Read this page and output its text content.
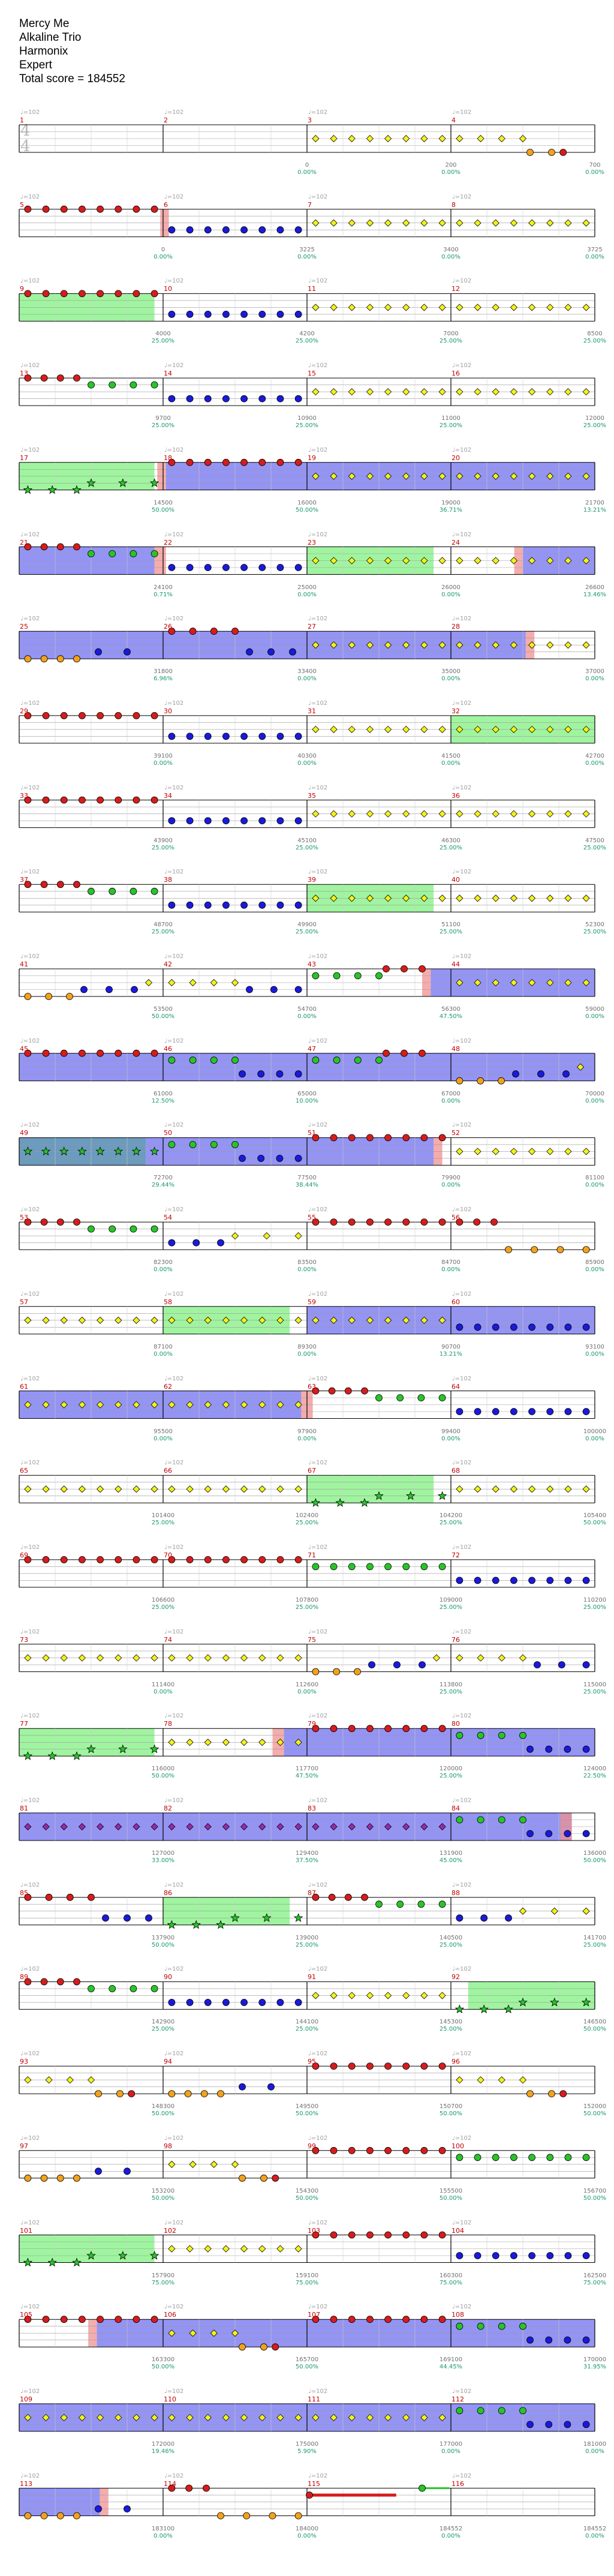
Mercy Me
Alkaline Trio
Harmonix
Expert
Total score = 184552
4
4
1
♩=102
2
♩=102
0
0.00%
3
♩=102
200
0.00%
4
♩=102
700
0.00%
5
♩=102
0
0.00%
6
♩=102
3225
0.00%
7
♩=102
3400
0.00%
8
♩=102
3725
0.00%
9
♩=102
4000
25.00%
10
♩=102
4200
25.00%
11
♩=102
7000
25.00%
12
♩=102
8500
25.00%
13
♩=102
9700
25.00%
14
♩=102
10900
25.00%
15
♩=102
11000
25.00%
16
♩=102
12000
25.00%
17
♩=102
14500
50.00%
18
♩=102
16000
50.00%
19
♩=102
19000
36.71%
20
♩=102
21700
13.21%
21
♩=102
24100
0.71%
22
♩=102
25000
0.00%
23
♩=102
26000
0.00%
24
♩=102
26600
13.46%
25
♩=102
31800
6.96%
26
♩=102
33400
0.00%
27
♩=102
35000
0.00%
28
♩=102
37000
0.00%
29
♩=102
39100
0.00%
30
♩=102
40300
0.00%
31
♩=102
41500
0.00%
32
♩=102
42700
0.00%
33
♩=102
43900
25.00%
34
♩=102
45100
25.00%
35
♩=102
46300
25.00%
36
♩=102
47500
25.00%
37
♩=102
48700
25.00%
38
♩=102
49900
25.00%
39
♩=102
51100
25.00%
40
♩=102
52300
25.00%
41
♩=102
53500
50.00%
42
♩=102
54700
0.00%
43
♩=102
56300
47.50%
44
♩=102
59000
0.00%
45
♩=102
61000
12.50%
46
♩=102
65000
10.00%
47
♩=102
67000
0.00%
48
♩=102
70000
0.00%
49
♩=102
72700
29.44%
50
♩=102
77500
38.44%
51
♩=102
79900
0.00%
52
♩=102
81100
0.00%
53
♩=102
82300
0.00%
54
♩=102
83500
0.00%
55
♩=102
84700
0.00%
56
♩=102
85900
0.00%
57
♩=102
87100
0.00%
58
♩=102
89300
0.00%
59
♩=102
90700
13.21%
60
♩=102
93100
0.00%
61
♩=102
95500
0.00%
62
♩=102
97900
0.00%
63
♩=102
99400
0.00%
64
♩=102
100000
0.00%
65
♩=102
101400
25.00%
66
♩=102
102400
25.00%
67
♩=102
104200
25.00%
68
♩=102
105400
50.00%
69
♩=102
106600
25.00%
70
♩=102
107800
25.00%
71
♩=102
109000
25.00%
72
♩=102
110200
25.00%
73
♩=102
111400
0.00%
74
♩=102
112600
0.00%
75
♩=102
113800
25.00%
76
♩=102
115000
25.00%
77
♩=102
116000
50.00%
78
♩=102
117700
47.50%
79
♩=102
120000
25.00%
80
♩=102
124000
22.50%
81
♩=102
127000
33.00%
82
♩=102
129400
37.50%
83
♩=102
131900
45.00%
84
♩=102
136000
50.00%
85
♩=102
137900
50.00%
86
♩=102
139000
25.00%
87
♩=102
140500
25.00%
88
♩=102
141700
25.00%
89
♩=102
142900
25.00%
90
♩=102
144100
25.00%
91
♩=102
145300
25.00%
92
♩=102
146500
50.00%
93
♩=102
148300
50.00%
94
♩=102
149500
50.00%
95
♩=102
150700
50.00%
96
♩=102
152000
50.00%
97
♩=102
153200
50.00%
98
♩=102
154300
50.00%
99
♩=102
155500
50.00%
100
♩=102
156700
50.00%
101
♩=102
157900
75.00%
102
♩=102
159100
75.00%
103
♩=102
160300
75.00%
104
♩=102
162500
75.00%
105
♩=102
163300
50.00%
106
♩=102
165700
50.00%
107
♩=102
169100
44.45%
108
♩=102
170000
31.95%
109
♩=102
172000
19.46%
110
♩=102
175000
5.90%
111
♩=102
177000
0.00%
112
♩=102
181000
0.00%
113
♩=102
183100
0.00%
114
♩=102
184000
0.00%
115
♩=102
184552
0.00%
116
♩=102
184552
0.00%
